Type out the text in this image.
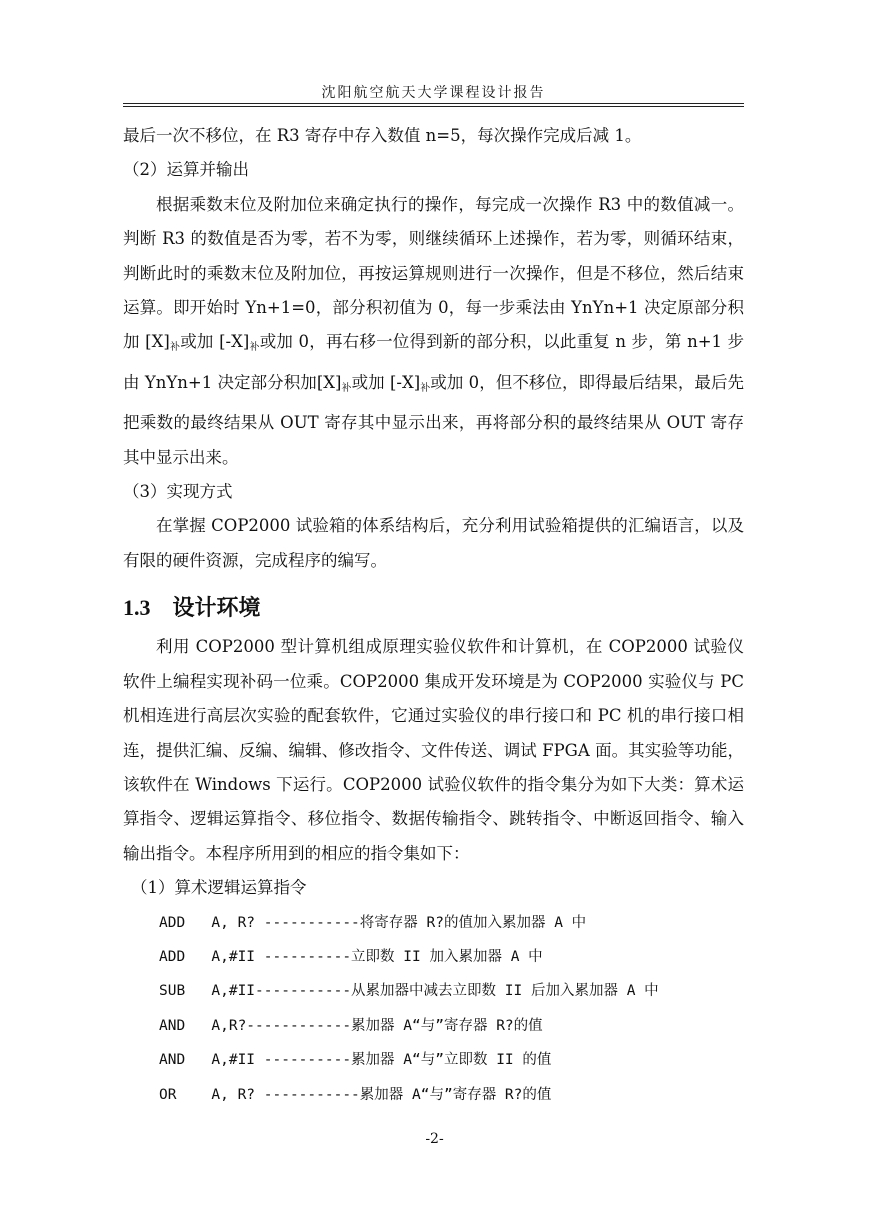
沈阳航空航天大学课程设计报告

最后一次不移位，在 R3 寄存中存入数值 n=5，每次操作完成后减 1。

（2）运算并输出

根据乘数末位及附加位来确定执行的操作，每完成一次操作 R3 中的数值减一。判断 R3 的数值是否为零，若不为零，则继续循环上述操作，若为零，则循环结束，判断此时的乘数末位及附加位，再按运算规则进行一次操作，但是不移位，然后结束运算。即开始时 Yn+1=0，部分积初值为 0，每一步乘法由 YnYn+1 决定原部分积加 $[X]_补$或加 $[-X]_补$或加 0，再右移一位得到新的部分积，以此重复 n 步，第 n+1 步由 YnYn+1 决定部分积加$[X]_补$或加 $[-X]_补$或加 0，但不移位，即得最后结果，最后先把乘数的最终结果从 OUT 寄存其中显示出来，再将部分积的最终结果从 OUT 寄存其中显示出来。

（3）实现方式

在掌握 COP2000 试验箱的体系结构后，充分利用试验箱提供的汇编语言，以及有限的硬件资源，完成程序的编写。

1.3 设计环境

利用 COP2000 型计算机组成原理实验仪软件和计算机，在 COP2000 试验仪软件上编程实现补码一位乘。COP2000 集成开发环境是为 COP2000 实验仪与 PC 机相连进行高层次实验的配套软件，它通过实验仪的串行接口和 PC 机的串行接口相连，提供汇编、反编、编辑、修改指令、文件传送、调试 FPGA 面。其实验等功能，该软件在 Windows 下运行。COP2000 试验仪软件的指令集分为如下大类：算术运算指令、逻辑运算指令、移位指令、数据传输指令、跳转指令、中断返回指令、输入输出指令。本程序所用到的相应的指令集如下：

（1）算术逻辑运算指令

ADD   A, R? -----------将寄存器 R?的值加入累加器 A 中

ADD   A,#II ----------立即数 II 加入累加器 A 中

SUB   A,#II-----------从累加器中减去立即数 II 后加入累加器 A 中

AND   A,R?------------累加器 A“与”寄存器 R?的值

AND   A,#II ----------累加器 A“与”立即数 II 的值

OR    A, R? -----------累加器 A“与”寄存器 R?的值

-2-
